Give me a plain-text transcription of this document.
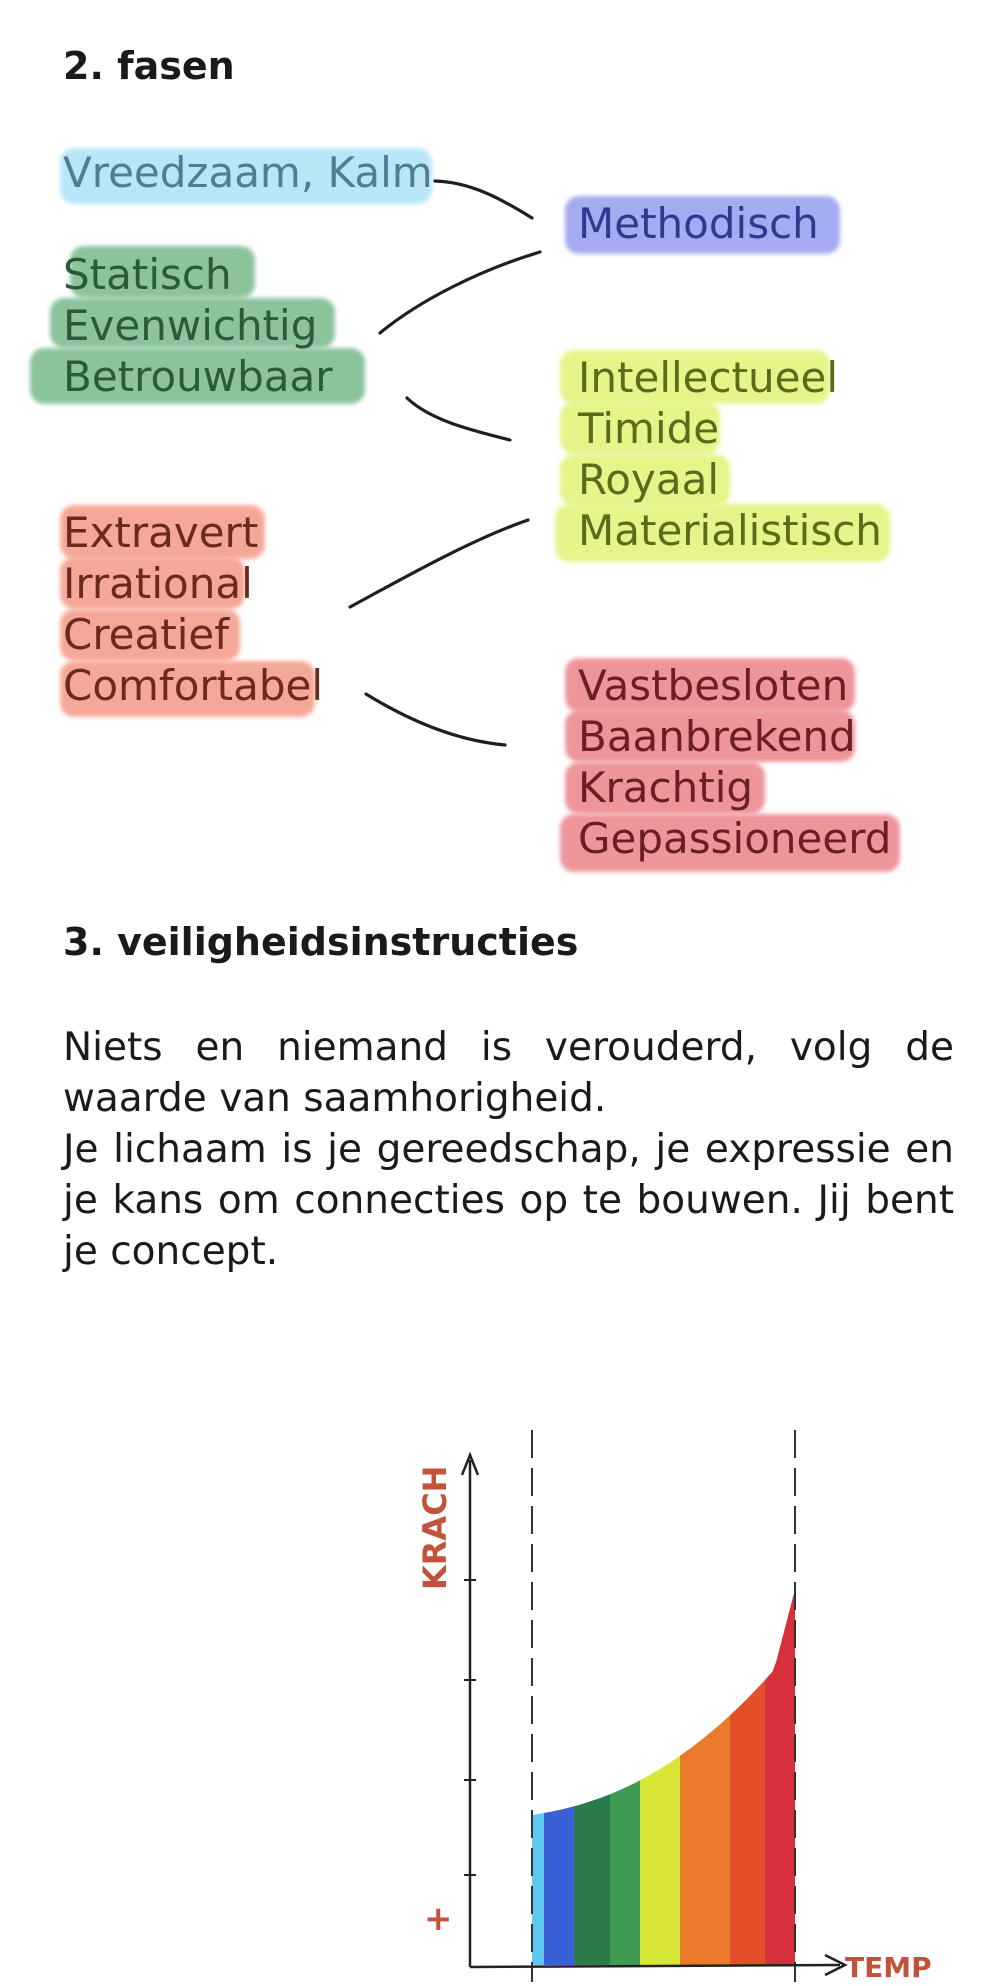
2. fasen
Vreedzaam, Kalm
Statisch
Evenwichtig
Betrouwbaar
Extravert
Irrational
Creatief
Comfortabel
Methodisch
Intellectueel
Timide
Royaal
Materialistisch
Vastbesloten
Baanbrekend
Krachtig
Gepassioneerd
3. veiligheidsinstructies

Niets en niemand is verouderd, volg de waarde van saamhorigheid.

Je lichaam is je gereedschap, je expressie en je kans om connecties op te bouwen. Jij bent je concept.

KRACH
+
TEMP
